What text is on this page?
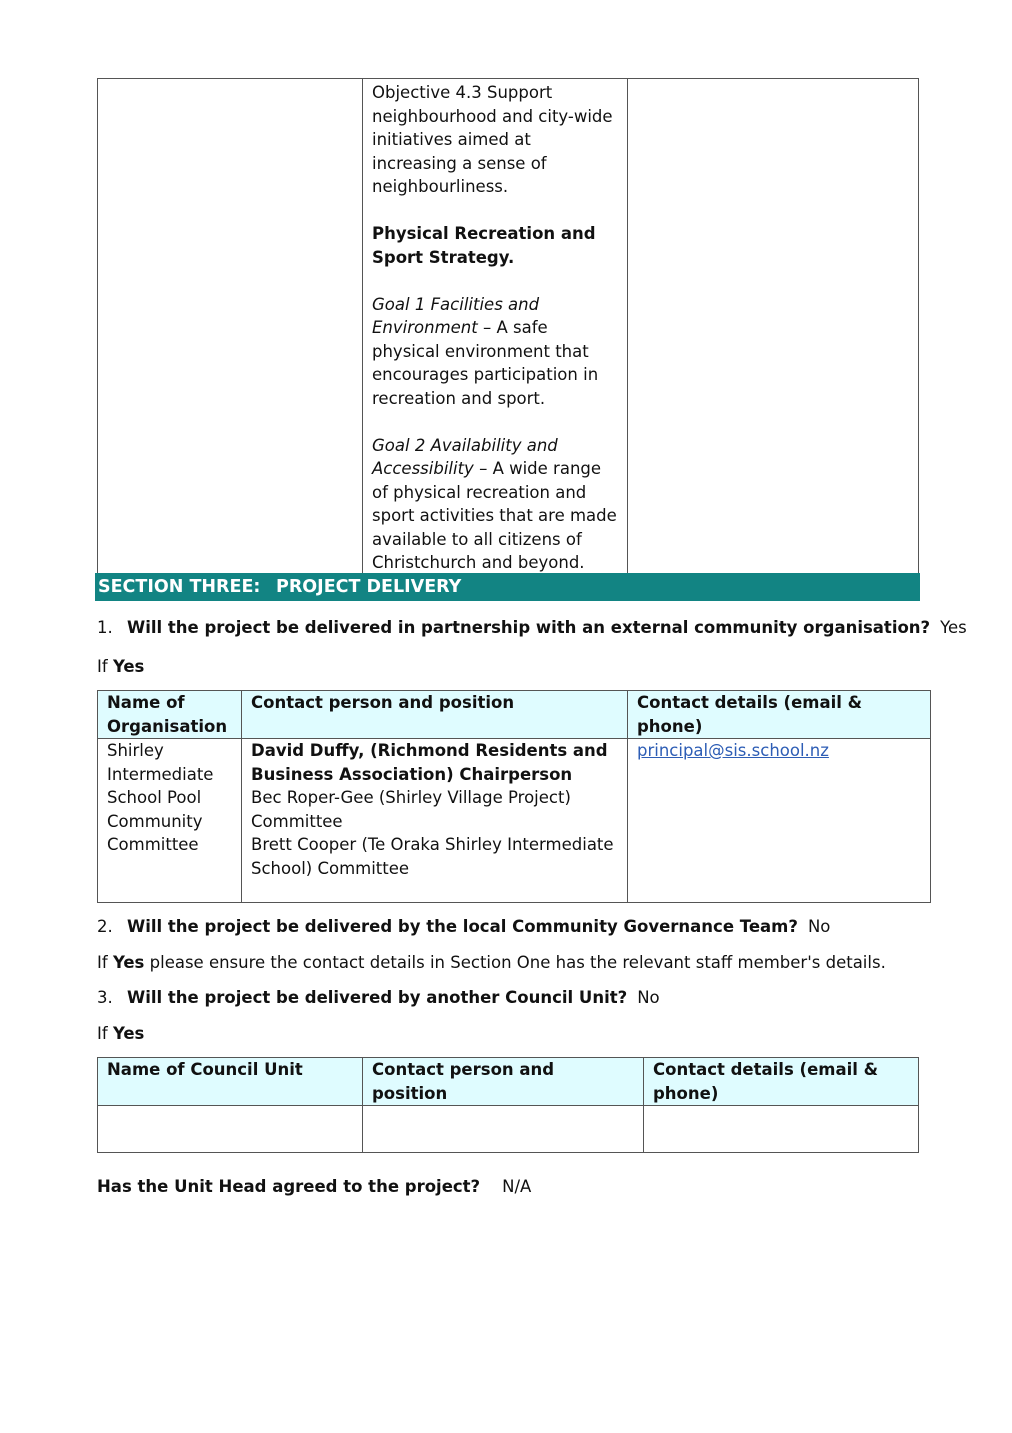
Objective 4.3 Support neighbourhood and city-wide initiatives aimed at increasing a sense of neighbourliness.

Physical Recreation and Sport Strategy.

Goal 1 Facilities and Environment – A safe physical environment that encourages participation in recreation and sport.

Goal 2 Availability and Accessibility – A wide range of physical recreation and sport activities that are made available to all citizens of Christchurch and beyond.

SECTION THREE: PROJECT DELIVERY
1. Will the project be delivered in partnership with an external community organisation? Yes
If Yes
Name of Organisation	Contact person and position	Contact details (email & phone)
Shirley Intermediate School Pool Community Committee	David Duffy, (Richmond Residents and Business Association) Chairperson

Bec Roper-Gee (Shirley Village Project) Committee

Brett Cooper (Te Oraka Shirley Intermediate School) Committee	principal@sis.school.nz
2. Will the project be delivered by the local Community Governance Team? No
If Yes please ensure the contact details in Section One has the relevant staff member's details.
3. Will the project be delivered by another Council Unit? No
If Yes
Name of Council Unit	Contact person and position	Contact details (email & phone)

Has the Unit Head agreed to the project? N/A
